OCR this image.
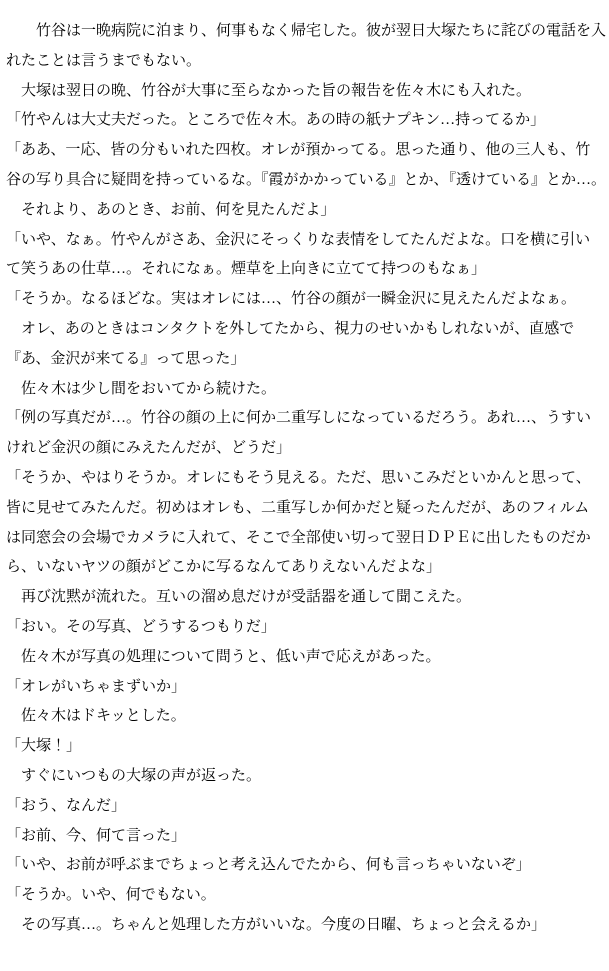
　　竹谷は一晩病院に泊まり、何事もなく帰宅した。彼が翌日大塚たちに詫びの電話を入
れたことは言うまでもない。
　大塚は翌日の晩、竹谷が大事に至らなかった旨の報告を佐々木にも入れた。
「竹やんは大丈夫だった。ところで佐々木。あの時の紙ナプキン…持ってるか」
「ああ、一応、皆の分もいれた四枚。オレが預かってる。思った通り、他の三人も、竹
谷の写り具合に疑問を持っているな。『霞がかかっている』とか、『透けている』とか…。
　それより、あのとき、お前、何を見たんだよ」
「いや、なぁ。竹やんがさあ、金沢にそっくりな表情をしてたんだよな。口を横に引い
て笑うあの仕草…。それになぁ。煙草を上向きに立てて持つのもなぁ」
「そうか。なるほどな。実はオレには…、竹谷の顔が一瞬金沢に見えたんだよなぁ。
　オレ、あのときはコンタクトを外してたから、視力のせいかもしれないが、直感で
『あ、金沢が来てる』って思った」
　佐々木は少し間をおいてから続けた。
「例の写真だが…。竹谷の顔の上に何か二重写しになっているだろう。あれ…、うすい
けれど金沢の顔にみえたんだが、どうだ」
「そうか、やはりそうか。オレにもそう見える。ただ、思いこみだといかんと思って、
皆に見せてみたんだ。初めはオレも、二重写しか何かだと疑ったんだが、あのフィルム
は同窓会の会場でカメラに入れて、そこで全部使い切って翌日ＤＰＥに出したものだか
ら、いないヤツの顔がどこかに写るなんてありえないんだよな」
　再び沈黙が流れた。互いの溜め息だけが受話器を通して聞こえた。
「おい。その写真、どうするつもりだ」
　佐々木が写真の処理について問うと、低い声で応えがあった。
「オレがいちゃまずいか」
　佐々木はドキッとした。
「大塚！」
　すぐにいつもの大塚の声が返った。
「おう、なんだ」
「お前、今、何て言った」
「いや、お前が呼ぶまでちょっと考え込んでたから、何も言っちゃいないぞ」
「そうか。いや、何でもない。
　その写真…。ちゃんと処理した方がいいな。今度の日曜、ちょっと会えるか」
